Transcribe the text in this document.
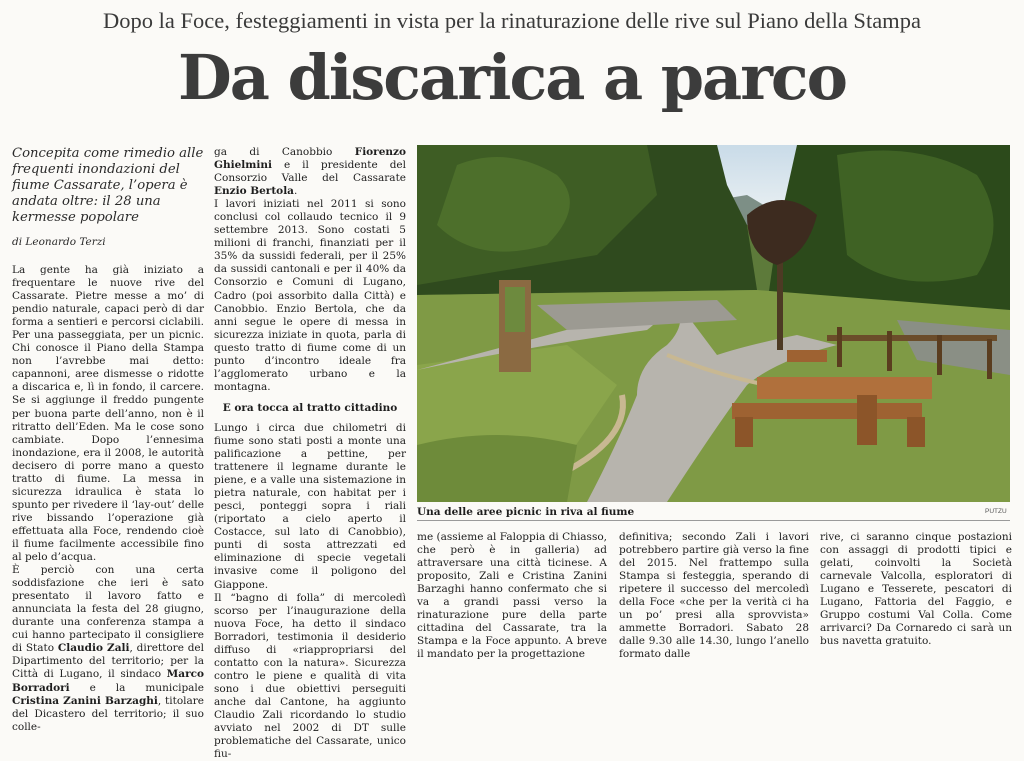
Dopo la Foce, festeggiamenti in vista per la rinaturazione delle rive sul Piano della Stampa
Da discarica a parco
Concepita come rimedio alle frequenti inondazioni del fiume Cassarate, l’opera è andata oltre: il 28 una kermesse popolare
di Leonardo Terzi

La gente ha già iniziato a frequentare le nuove rive del Cassarate. Pietre messe a mo’ di pendio naturale, capaci però di dar forma a sentieri e percorsi ciclabili. Per una passeggiata, per un picnic. Chi conosce il Piano della Stampa non l’avrebbe mai detto: capannoni, aree dismesse o ridotte a discarica e, lì in fondo, il carcere. Se si aggiunge il freddo pungente per buona parte dell’anno, non è il ritratto dell’Eden. Ma le cose sono cambiate. Dopo l’ennesima inondazione, era il 2008, le autorità decisero di porre mano a questo tratto di fiume. La messa in sicurezza idraulica è stata lo spunto per rivedere il ‘lay-out’ delle rive bissando l’operazione già effettuata alla Foce, rendendo cioè il fiume facilmente accessibile fino al pelo d’acqua.

È perciò con una certa soddisfazione che ieri è sato presentato il lavoro fatto e annunciata la festa del 28 giugno, durante una conferenza stampa a cui hanno partecipato il consigliere di Stato Claudio Zali, direttore del Dipartimento del territorio; per la Città di Lugano, il sindaco Marco Borradori e la municipale Cristina Zanini Barzaghi, titolare del Dicastero del territorio; il suo colle-

ga di Canobbio Fiorenzo Ghielmini e il presidente del Consorzio Valle del Cassarate Enzio Bertola.

I lavori iniziati nel 2011 si sono conclusi col collaudo tecnico il 9 settembre 2013. Sono costati 5 milioni di franchi, finanziati per il 35% da sussidi federali, per il 25% da sussidi cantonali e per il 40% da Consorzio e Comuni di Lugano, Cadro (poi assorbito dalla Città) e Canobbio. Enzio Bertola, che da anni segue le opere di messa in sicurezza iniziate in quota, parla di questo tratto di fiume come di un punto d’incontro ideale fra l’agglomerato urbano e la montagna.

E ora tocca al tratto cittadino

Lungo i circa due chilometri di fiume sono stati posti a monte una palificazione a pettine, per trattenere il legname durante le piene, e a valle una sistemazione in pietra naturale, con habitat per i pesci, ponteggi sopra i riali (riportato a cielo aperto il Costacce, sul lato di Canobbio), punti di sosta attrezzati ed eliminazione di specie vegetali invasive come il poligono del Giappone.

Il “bagno di folla” di mercoledì scorso per l’inaugurazione della nuova Foce, ha detto il sindaco Borradori, testimonia il desiderio diffuso di «riappropriarsi del contatto con la natura». Sicurezza contro le piene e qualità di vita sono i due obiettivi perseguiti anche dal Cantone, ha aggiunto Claudio Zali ricordando lo studio avviato nel 2002 di DT sulle problematiche del Cassarate, unico fiu-

Una delle aree picnic in riva al fiume	PUTZU

me (assieme al Faloppia di Chiasso, che però è in galleria) ad attraversare una città ticinese. A proposito, Zali e Cristina Zanini Barzaghi hanno confermato che si va a grandi passi verso la rinaturazione pure della parte cittadina del Cassarate, tra la Stampa e la Foce appunto. A breve il mandato per la progettazione

definitiva; secondo Zali i lavori potrebbero partire già verso la fine del 2015. Nel frattempo sulla Stampa si festeggia, sperando di ripetere il successo del mercoledì della Foce «che per la verità ci ha un po’ presi alla sprovvista» ammette Borradori. Sabato 28 dalle 9.30 alle 14.30, lungo l’anello formato dalle

rive, ci saranno cinque postazioni con assaggi di prodotti tipici e gelati, coinvolti la Società carnevale Valcolla, esploratori di Lugano e Tesserete, pescatori di Lugano, Fattoria del Faggio, e Gruppo costumi Val Colla. Come arrivarci? Da Cornaredo ci sarà un bus navetta gratuito.
